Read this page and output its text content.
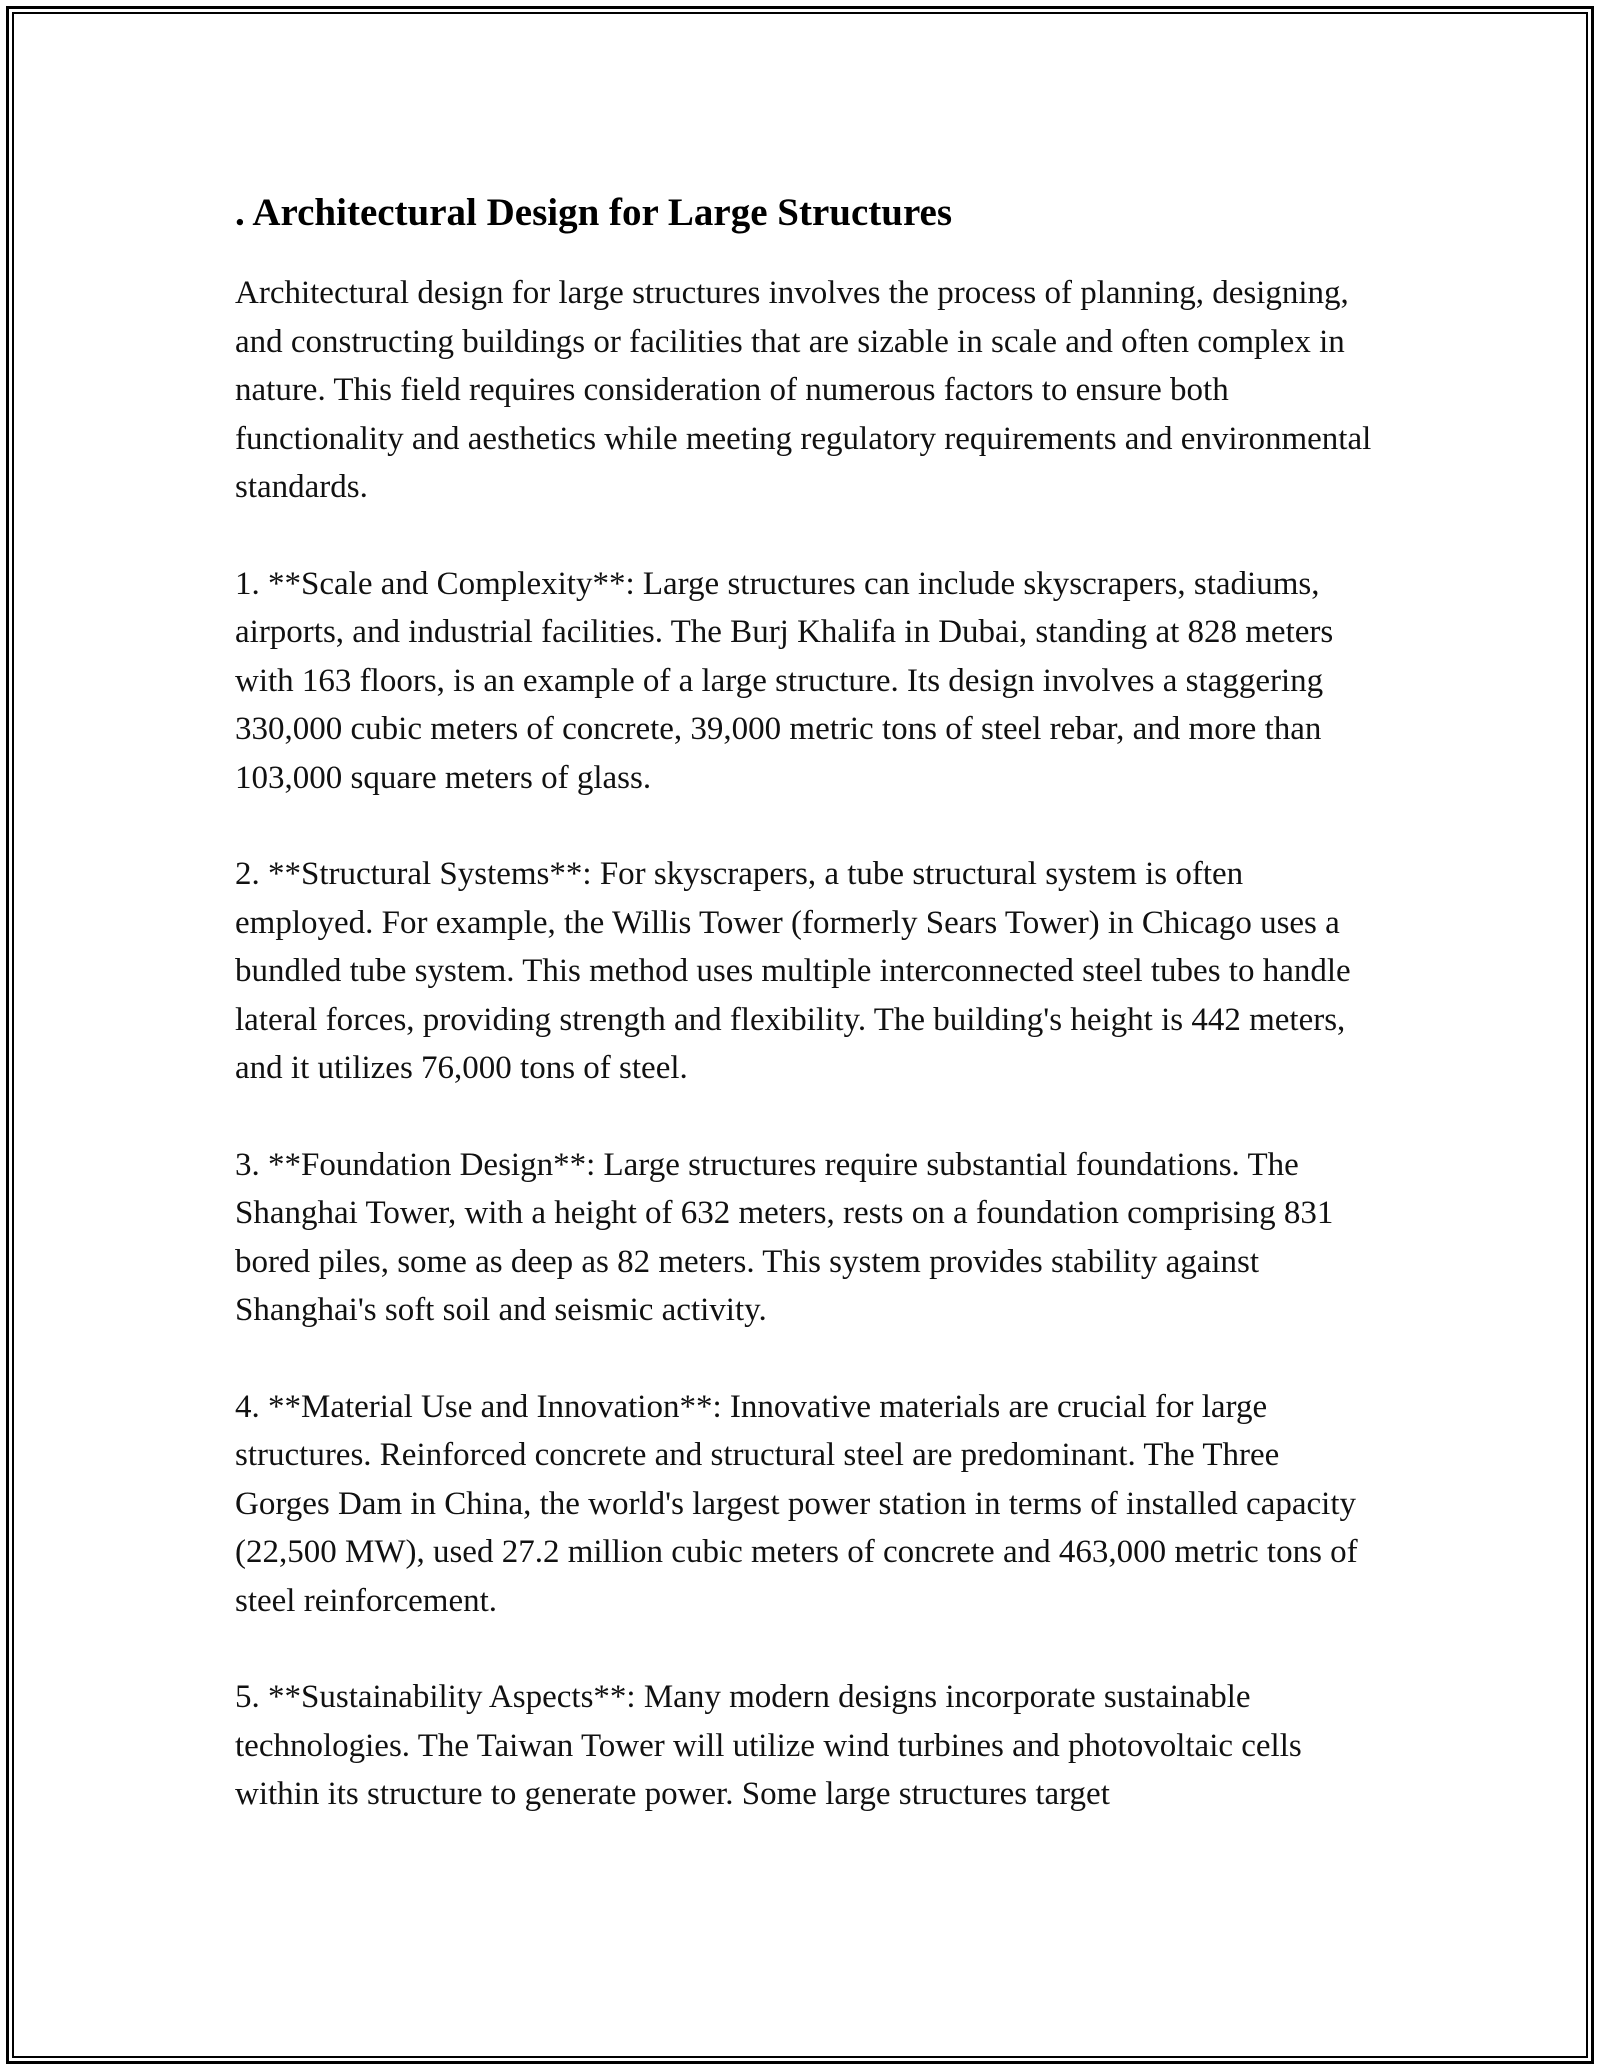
. Architectural Design for Large Structures

Architectural design for large structures involves the process of planning, designing, and constructing buildings or facilities that are sizable in scale and often complex in nature. This field requires consideration of numerous factors to ensure both functionality and aesthetics while meeting regulatory requirements and environmental standards.

1. **Scale and Complexity**: Large structures can include skyscrapers, stadiums, airports, and industrial facilities. The Burj Khalifa in Dubai, standing at 828 meters with 163 floors, is an example of a large structure. Its design involves a staggering 330,000 cubic meters of concrete, 39,000 metric tons of steel rebar, and more than 103,000 square meters of glass.

2. **Structural Systems**: For skyscrapers, a tube structural system is often employed. For example, the Willis Tower (formerly Sears Tower) in Chicago uses a bundled tube system. This method uses multiple interconnected steel tubes to handle lateral forces, providing strength and flexibility. The building's height is 442 meters, and it utilizes 76,000 tons of steel.

3. **Foundation Design**: Large structures require substantial foundations. The Shanghai Tower, with a height of 632 meters, rests on a foundation comprising 831 bored piles, some as deep as 82 meters. This system provides stability against Shanghai's soft soil and seismic activity.

4. **Material Use and Innovation**: Innovative materials are crucial for large structures. Reinforced concrete and structural steel are predominant. The Three Gorges Dam in China, the world's largest power station in terms of installed capacity (22,500 MW), used 27.2 million cubic meters of concrete and 463,000 metric tons of steel reinforcement.

5. **Sustainability Aspects**: Many modern designs incorporate sustainable technologies. The Taiwan Tower will utilize wind turbines and photovoltaic cells within its structure to generate power. Some large structures target
